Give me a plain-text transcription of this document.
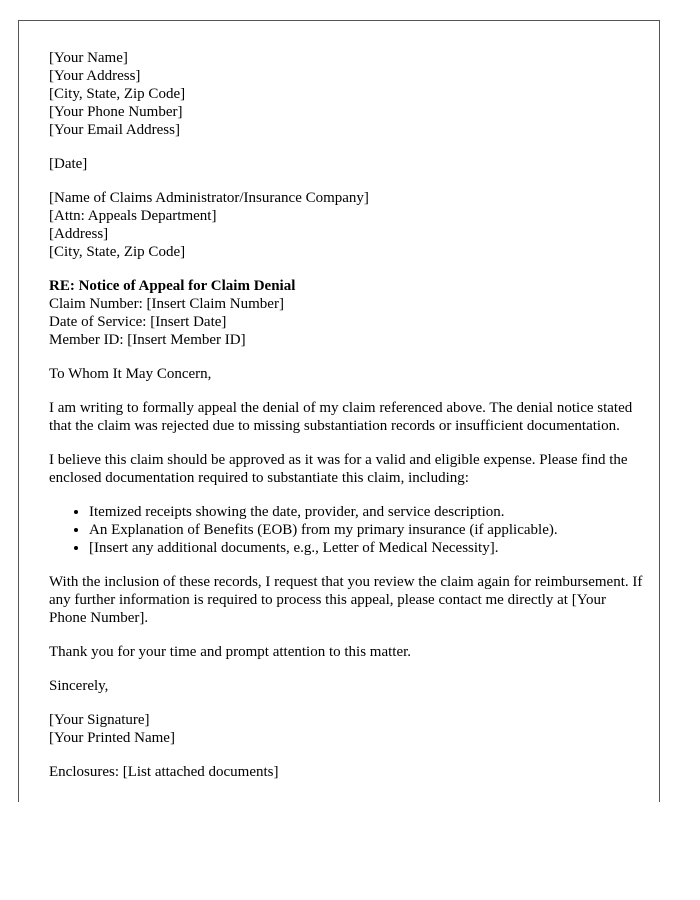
[Your Name]
[Your Address]
[City, State, Zip Code]
[Your Phone Number]
[Your Email Address]
[Date]
[Name of Claims Administrator/Insurance Company]
[Attn: Appeals Department]
[Address]
[City, State, Zip Code]
RE: Notice of Appeal for Claim Denial
Claim Number: [Insert Claim Number]
Date of Service: [Insert Date]
Member ID: [Insert Member ID]

To Whom It May Concern,

I am writing to formally appeal the denial of my claim referenced above. The denial notice stated that the claim was rejected due to missing substantiation records or insufficient documentation.

I believe this claim should be approved as it was for a valid and eligible expense. Please find the enclosed documentation required to substantiate this claim, including:

• Itemized receipts showing the date, provider, and service description.
• An Explanation of Benefits (EOB) from my primary insurance (if applicable).
• [Insert any additional documents, e.g., Letter of Medical Necessity].

With the inclusion of these records, I request that you review the claim again for reimbursement. If any further information is required to process this appeal, please contact me directly at [Your Phone Number].

Thank you for your time and prompt attention to this matter.

Sincerely,

[Your Signature]
[Your Printed Name]
Enclosures: [List attached documents]
